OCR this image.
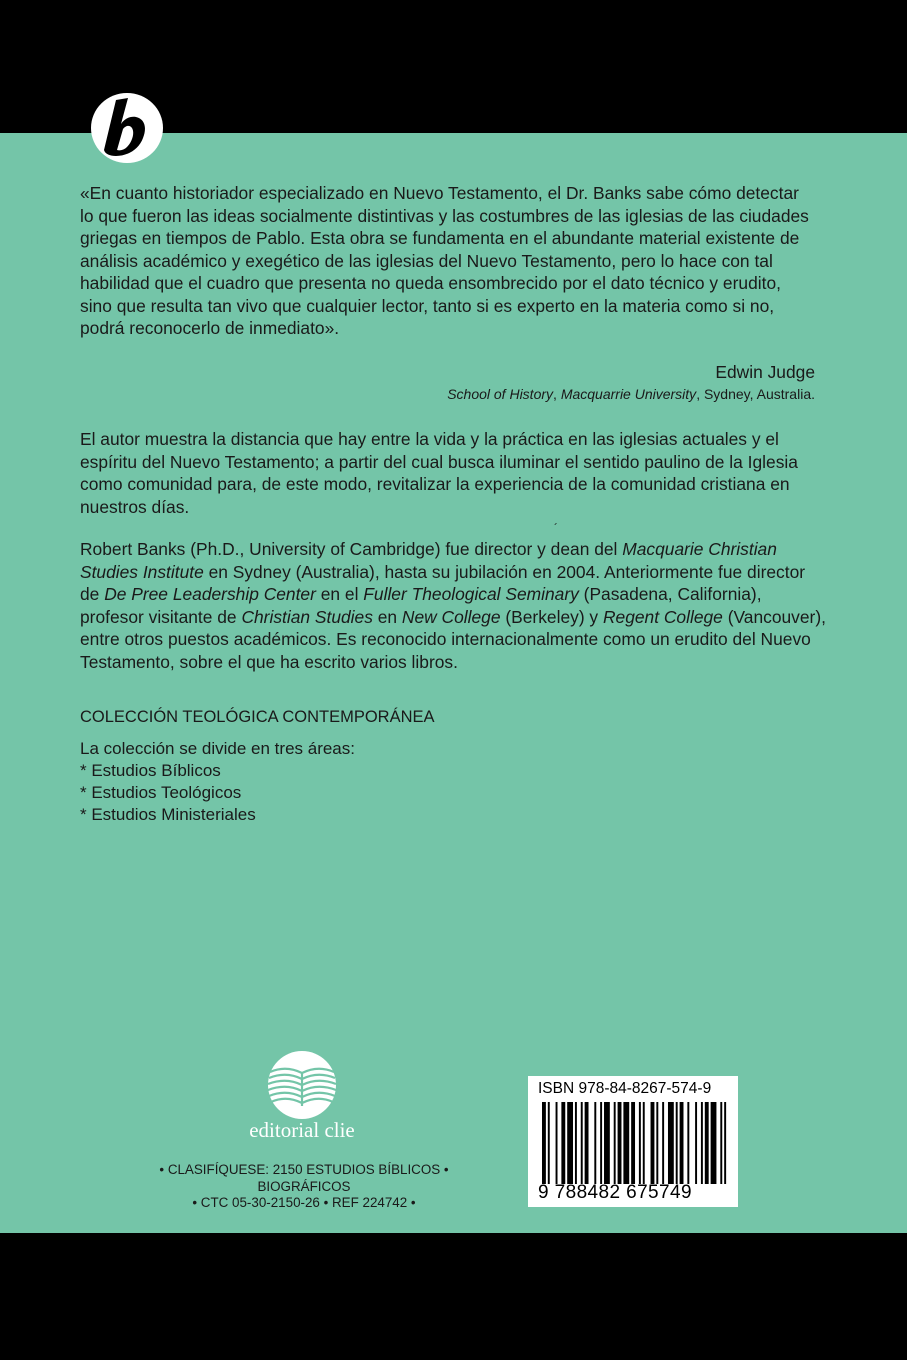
«En cuanto historiador especializado en Nuevo Testamento, el Dr. Banks sabe cómo detectar
lo que fueron las ideas socialmente distintivas y las costumbres de las iglesias de las ciudades
griegas en tiempos de Pablo. Esta obra se fundamenta en el abundante material existente de
análisis académico y exegético de las iglesias del Nuevo Testamento, pero lo hace con tal
habilidad que el cuadro que presenta no queda ensombrecido por el dato técnico y erudito,
sino que resulta tan vivo que cualquier lector, tanto si es experto en la materia como si no,
podrá reconocerlo de inmediato».
Edwin Judge
School of History, Macquarrie University, Sydney, Australia.
El autor muestra la distancia que hay entre la vida y la práctica en las iglesias actuales y el
espíritu del Nuevo Testamento; a partir del cual busca iluminar el sentido paulino de la Iglesia
como comunidad para, de este modo, revitalizar la experiencia de la comunidad cristiana en
nuestros días.
´
Robert Banks (Ph.D., University of Cambridge) fue director y dean del Macquarie Christian
Studies Institute en Sydney (Australia), hasta su jubilación en 2004. Anteriormente fue director
de De Pree Leadership Center en el Fuller Theological Seminary (Pasadena, California),
profesor visitante de Christian Studies en New College (Berkeley) y Regent College (Vancouver),
entre otros puestos académicos. Es reconocido internacionalmente como un erudito del Nuevo
Testamento, sobre el que ha escrito varios libros.
COLECCIÓN TEOLÓGICA CONTEMPORÁNEA
La colección se divide en tres áreas:
* Estudios Bíblicos
* Estudios Teológicos
* Estudios Ministeriales
editorial clie
• CLASIFÍQUESE: 2150 ESTUDIOS BÍBLICOS •
BIOGRÁFICOS
• CTC 05-30-2150-26 • REF 224742 •
ISBN 978-84-8267-574-9
9 788482 675749
